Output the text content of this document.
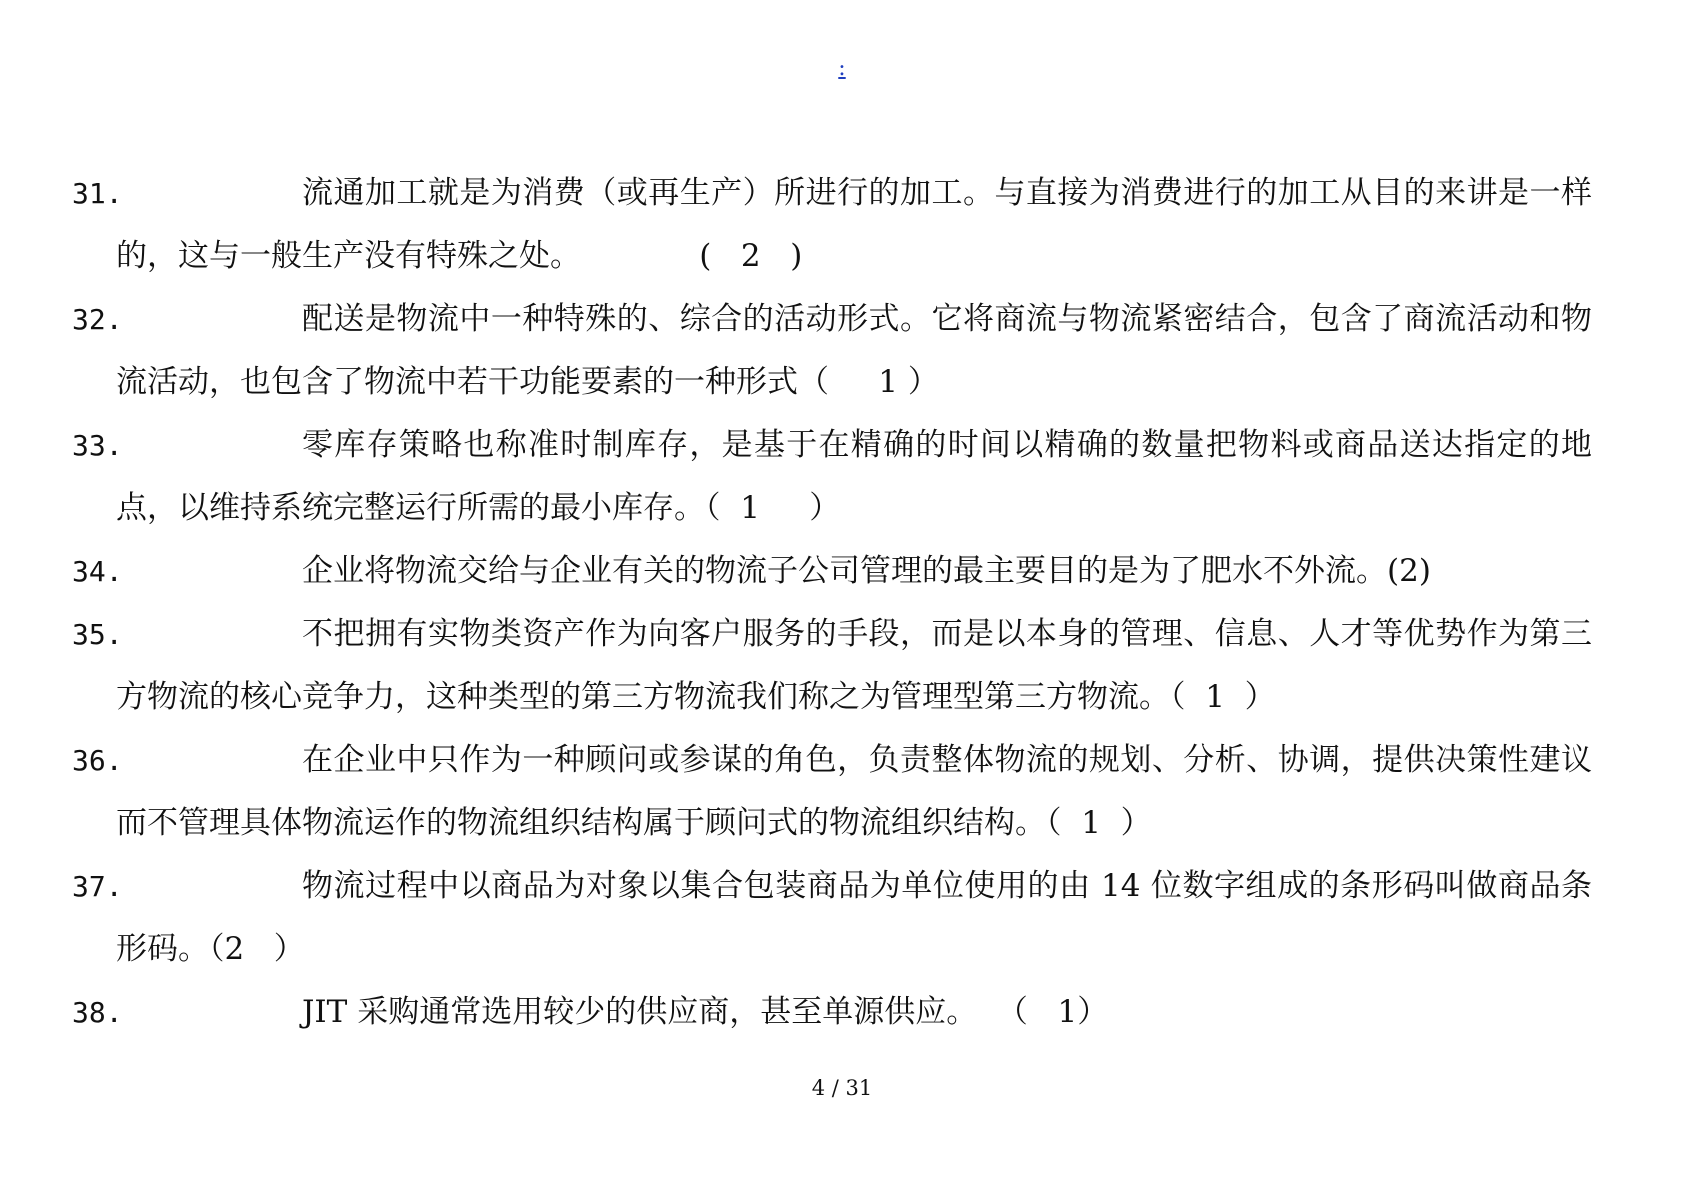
:
31.	流通加工就是为消费（或再生产）所进行的加工。与直接为消费进行的加工从目的来讲是一样的，这与一般生产没有特殊之处。            (   2   )
32.	配送是物流中一种特殊的、综合的活动形式。它将商流与物流紧密结合，包含了商流活动和物流活动，也包含了物流中若干功能要素的一种形式（     1 ）
33.	零库存策略也称准时制库存，是基于在精确的时间以精确的数量把物料或商品送达指定的地点，以维持系统完整运行所需的最小库存。（  1     ）
34.	企业将物流交给与企业有关的物流子公司管理的最主要目的是为了肥水不外流。(2)
35.	不把拥有实物类资产作为向客户服务的手段，而是以本身的管理、信息、人才等优势作为第三方物流的核心竞争力，这种类型的第三方物流我们称之为管理型第三方物流。（  1  ）
36.	在企业中只作为一种顾问或参谋的角色，负责整体物流的规划、分析、协调，提供决策性建议而不管理具体物流运作的物流组织结构属于顾问式的物流组织结构。（  1  ）
37.	物流过程中以商品为对象以集合包装商品为单位使用的由 14 位数字组成的条形码叫做商品条形码。（2   ）
38.	JIT 采购通常选用较少的供应商，甚至单源供应。  （   1）
4 / 31
